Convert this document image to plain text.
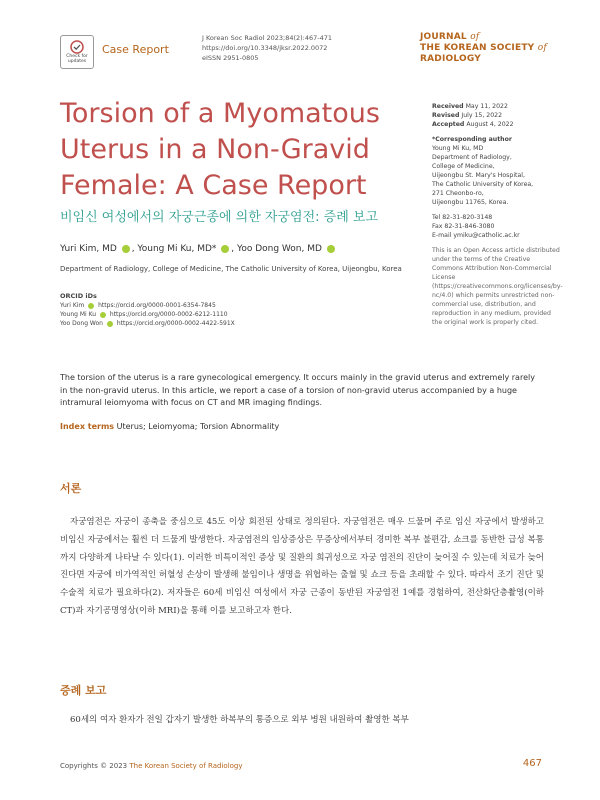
Check for updates
Case Report
J Korean Soc Radiol 2023;84(2):467-471
https://doi.org/10.3348/jksr.2022.0072
eISSN 2951-0805
JOURNAL of
THE KOREAN SOCIETY of
RADIOLOGY
Torsion of a Myomatous Uterus in a Non-Gravid Female: A Case Report
비임신 여성에서의 자궁근종에 의한 자궁염전: 증례 보고
Yuri Kim, MD , Young Mi Ku, MD* , Yoo Dong Won, MD
Department of Radiology, College of Medicine, The Catholic University of Korea, Uijeongbu, Korea
ORCID iDs
Yuri Kim https://orcid.org/0000-0001-6354-7845
Young Mi Ku https://orcid.org/0000-0002-6212-1110
Yoo Dong Won https://orcid.org/0000-0002-4422-591X
Received May 11, 2022
Revised July 15, 2022
Accepted August 4, 2022
*Corresponding author
Young Mi Ku, MD
Department of Radiology,
College of Medicine,
Uijeongbu St. Mary's Hospital,
The Catholic University of Korea,
271 Cheonbo-ro,
Uijeongbu 11765, Korea.
Tel 82-31-820-3148
Fax 82-31-846-3080
E-mail ymiku@catholic.ac.kr
This is an Open Access article distributed under the terms of the Creative Commons Attribution Non-Commercial License (https://creativecommons.org/licenses/by-nc/4.0) which permits unrestricted non-commercial use, distribution, and reproduction in any medium, provided the original work is properly cited.

The torsion of the uterus is a rare gynecological emergency. It occurs mainly in the gravid uterus and extremely rarely in the non-gravid uterus. In this article, we report a case of a torsion of non-gravid uterus accompanied by a huge intramural leiomyoma with focus on CT and MR imaging findings.

Index terms Uterus; Leiomyoma; Torsion Abnormality
서론

자궁염전은 자궁이 종축을 중심으로 45도 이상 회전된 상태로 정의된다. 자궁염전은 매우 드물며 주로 임신 자궁에서 발생하고 비임신 자궁에서는 훨씬 더 드물게 발생한다. 자궁염전의 임상증상은 무증상에서부터 경미한 복부 불편감, 쇼크를 동반한 급성 복통까지 다양하게 나타날 수 있다(1). 이러한 비특이적인 증상 및 질환의 희귀성으로 자궁 염전의 진단이 늦어질 수 있는데 치료가 늦어진다면 자궁에 비가역적인 허혈성 손상이 발생해 불임이나 생명을 위협하는 출혈 및 쇼크 등을 초래할 수 있다. 따라서 조기 진단 및 수술적 치료가 필요하다(2). 저자들은 60세 비임신 여성에서 자궁 근종이 동반된 자궁염전 1예를 경험하여, 전산화단층촬영(이하 CT)과 자기공명영상(이하 MRI)을 통해 이를 보고하고자 한다.

증례 보고

60세의 여자 환자가 전일 갑자기 발생한 하복부의 통증으로 외부 병원 내원하여 촬영한 복부

Copyrights © 2023 The Korean Society of Radiology	467
